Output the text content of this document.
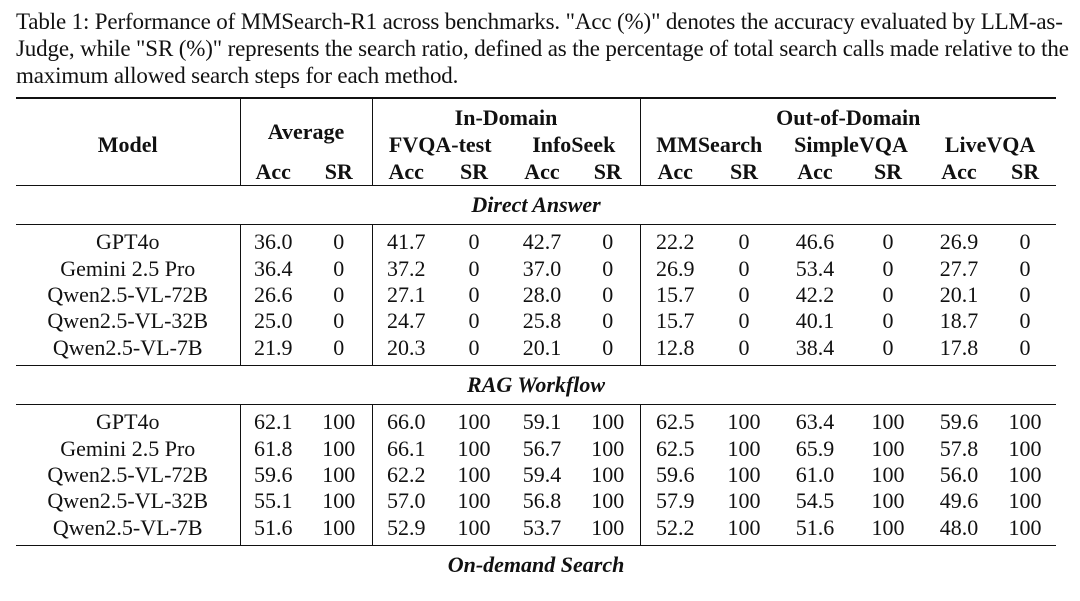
Table 1: Performance of MMSearch-R1 across benchmarks. "Acc (%)" denotes the accuracy evaluated by LLM-as-Judge, while "SR (%)" represents the search ratio, defined as the percentage of total search calls made relative to the maximum allowed search steps for each method.
Model	Average		In-Domain				Out-of-Domain					
			FVQA-test		InfoSeek		MMSearch		SimpleVQA		LiveVQA	
	Acc	SR	Acc	SR	Acc	SR	Acc	SR	Acc	SR	Acc	SR
Direct Answer												

GPT4o	36.0	0	41.7	0	42.7	0	22.2	0	46.6	0	26.9	0
Gemini 2.5 Pro	36.4	0	37.2	0	37.0	0	26.9	0	53.4	0	27.7	0
Qwen2.5-VL-72B	26.6	0	27.1	0	28.0	0	15.7	0	42.2	0	20.1	0
Qwen2.5-VL-32B	25.0	0	24.7	0	25.8	0	15.7	0	40.1	0	18.7	0
Qwen2.5-VL-7B	21.9	0	20.3	0	20.1	0	12.8	0	38.4	0	17.8	0

RAG Workflow												

GPT4o	62.1	100	66.0	100	59.1	100	62.5	100	63.4	100	59.6	100
Gemini 2.5 Pro	61.8	100	66.1	100	56.7	100	62.5	100	65.9	100	57.8	100
Qwen2.5-VL-72B	59.6	100	62.2	100	59.4	100	59.6	100	61.0	100	56.0	100
Qwen2.5-VL-32B	55.1	100	57.0	100	56.8	100	57.9	100	54.5	100	49.6	100
Qwen2.5-VL-7B	51.6	100	52.9	100	53.7	100	52.2	100	51.6	100	48.0	100

On-demand Search												
